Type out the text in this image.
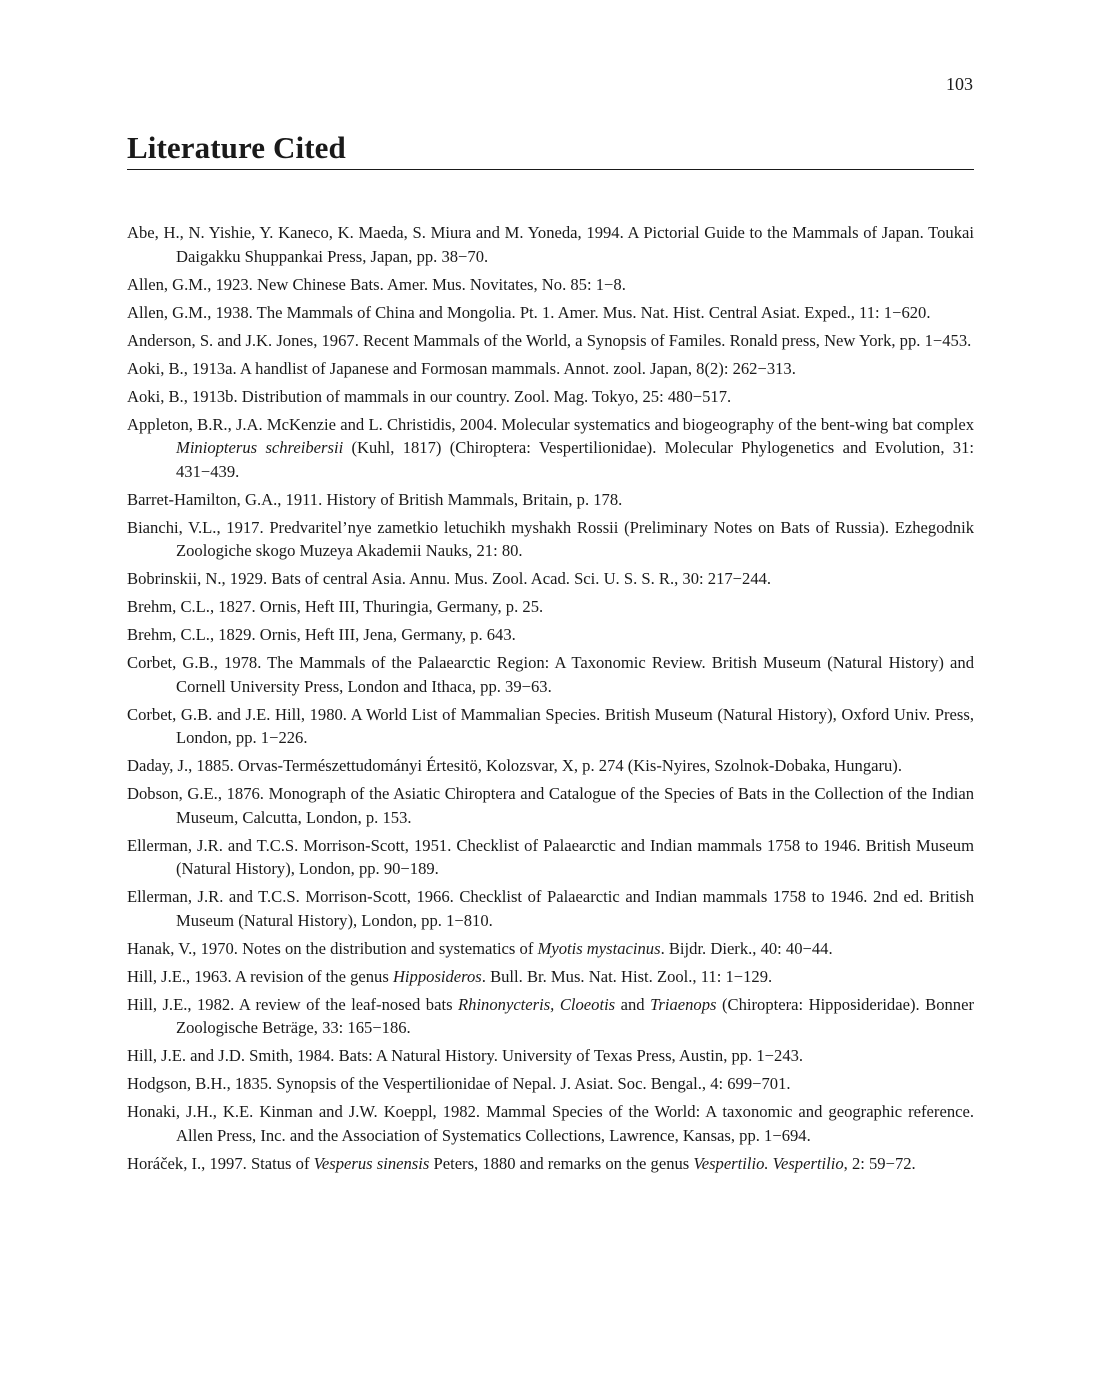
103
Literature Cited
Abe, H., N. Yishie, Y. Kaneco, K. Maeda, S. Miura and M. Yoneda, 1994. A Pictorial Guide to the Mammals of Japan. Toukai Daigakku Shuppankai Press, Japan, pp. 38−70.
Allen, G.M., 1923. New Chinese Bats. Amer. Mus. Novitates, No. 85: 1−8.
Allen, G.M., 1938. The Mammals of China and Mongolia. Pt. 1. Amer. Mus. Nat. Hist. Central Asiat. Exped., 11: 1−620.
Anderson, S. and J.K. Jones, 1967. Recent Mammals of the World, a Synopsis of Familes. Ronald press, New York, pp. 1−453.
Aoki, B., 1913a. A handlist of Japanese and Formosan mammals. Annot. zool. Japan, 8(2): 262−313.
Aoki, B., 1913b. Distribution of mammals in our country. Zool. Mag. Tokyo, 25: 480−517.
Appleton, B.R., J.A. McKenzie and L. Christidis, 2004. Molecular systematics and biogeography of the bent-wing bat complex Miniopterus schreibersii (Kuhl, 1817) (Chiroptera: Vespertilionidae). Molecular Phylogenetics and Evolution, 31: 431−439.
Barret-Hamilton, G.A., 1911. History of British Mammals, Britain, p. 178.
Bianchi, V.L., 1917. Predvaritel’nye zametkio letuchikh myshakh Rossii (Preliminary Notes on Bats of Russia). Ezhegodnik Zoologiche skogo Muzeya Akademii Nauks, 21: 80.
Bobrinskii, N., 1929. Bats of central Asia. Annu. Mus. Zool. Acad. Sci. U. S. S. R., 30: 217−244.
Brehm, C.L., 1827. Ornis, Heft III, Thuringia, Germany, p. 25.
Brehm, C.L., 1829. Ornis, Heft III, Jena, Germany, p. 643.
Corbet, G.B., 1978. The Mammals of the Palaearctic Region: A Taxonomic Review. British Museum (Natural History) and Cornell University Press, London and Ithaca, pp. 39−63.
Corbet, G.B. and J.E. Hill, 1980. A World List of Mammalian Species. British Museum (Natural History), Oxford Univ. Press, London, pp. 1−226.
Daday, J., 1885. Orvas-Természettudományi Értesitö, Kolozsvar, X, p. 274 (Kis-Nyires, Szolnok-Dobaka, Hungaru).
Dobson, G.E., 1876. Monograph of the Asiatic Chiroptera and Catalogue of the Species of Bats in the Collection of the Indian Museum, Calcutta, London, p. 153.
Ellerman, J.R. and T.C.S. Morrison-Scott, 1951. Checklist of Palaearctic and Indian mammals 1758 to 1946. British Museum (Natural History), London, pp. 90−189.
Ellerman, J.R. and T.C.S. Morrison-Scott, 1966. Checklist of Palaearctic and Indian mammals 1758 to 1946. 2nd ed. British Museum (Natural History), London, pp. 1−810.
Hanak, V., 1970. Notes on the distribution and systematics of Myotis mystacinus. Bijdr. Dierk., 40: 40−44.
Hill, J.E., 1963. A revision of the genus Hipposideros. Bull. Br. Mus. Nat. Hist. Zool., 11: 1−129.
Hill, J.E., 1982. A review of the leaf-nosed bats Rhinonycteris, Cloeotis and Triaenops (Chiroptera: Hipposideridae). Bonner Zoologische Beträge, 33: 165−186.
Hill, J.E. and J.D. Smith, 1984. Bats: A Natural History. University of Texas Press, Austin, pp. 1−243.
Hodgson, B.H., 1835. Synopsis of the Vespertilionidae of Nepal. J. Asiat. Soc. Bengal., 4: 699−701.
Honaki, J.H., K.E. Kinman and J.W. Koeppl, 1982. Mammal Species of the World: A taxonomic and geographic reference. Allen Press, Inc. and the Association of Systematics Collections, Lawrence, Kansas, pp. 1−694.
Horáček, I., 1997. Status of Vesperus sinensis Peters, 1880 and remarks on the genus Vespertilio. Vespertilio, 2: 59−72.
